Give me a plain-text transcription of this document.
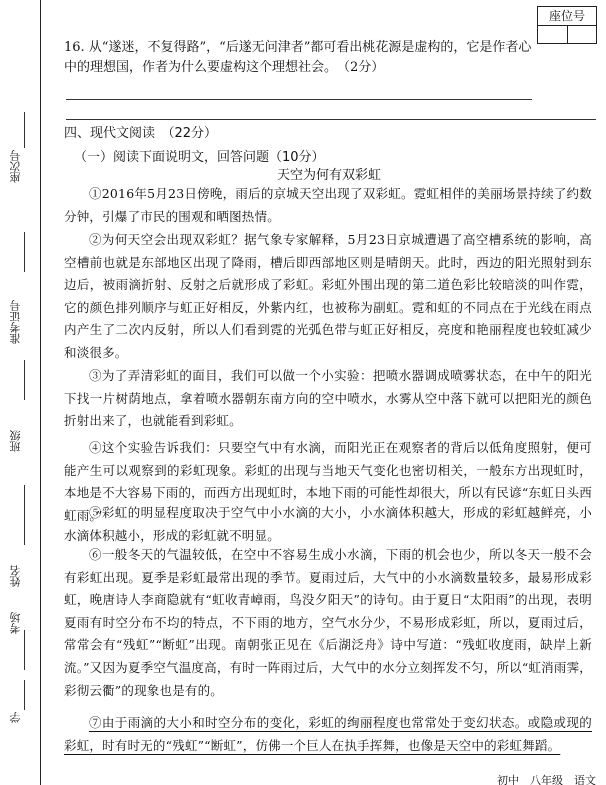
座次号
准考证号
班级
姓名
考场
学
座位号
16. 从“遂迷，不复得路”，“后遂无问津者”都可看出桃花源是虚构的，它是作者心中的理想国，作者为什么要虚构这个理想社会。　（2分）
四、现代文阅读　（22分）
（一）阅读下面说明文，回答问题（10分）
天空为何有双彩虹

①2016年5月23日傍晚，雨后的京城天空出现了双彩虹。霓虹相伴的美丽场景持续了约数分钟，引爆了市民的围观和晒图热情。

②为何天空会出现双彩虹？据气象专家解释，5月23日京城遭遇了高空槽系统的影响，高空槽前也就是东部地区出现了降雨，槽后即西部地区则是晴朗天。此时，西边的阳光照射到东边后，被雨滴折射、反射之后就形成了彩虹。彩虹外围出现的第二道色彩比较暗淡的叫作霓，它的颜色排列顺序与虹正好相反，外紫内红，也被称为副虹。霓和虹的不同点在于光线在雨点内产生了二次内反射，所以人们看到霓的光弧色带与虹正好相反，亮度和艳丽程度也较虹减少和淡很多。

③为了弄清彩虹的面目，我们可以做一个小实验：把喷水器调成喷雾状态，在中午的阳光下找一片树荫地点，拿着喷水器朝东南方向的空中喷水，水雾从空中落下就可以把阳光的颜色折射出来了，也就能看到彩虹。

④这个实验告诉我们：只要空气中有水滴，而阳光正在观察者的背后以低角度照射，便可能产生可以观察到的彩虹现象。彩虹的出现与当地天气变化也密切相关，一般东方出现虹时，本地是不大容易下雨的，而西方出现虹时，本地下雨的可能性却很大，所以有民谚“东虹日头西虹雨。”

⑤彩虹的明显程度取决于空气中小水滴的大小，小水滴体积越大，形成的彩虹越鲜亮，小水滴体积越小，形成的彩虹就不明显。

⑥一般冬天的气温较低，在空中不容易生成小水滴，下雨的机会也少，所以冬天一般不会有彩虹出现。夏季是彩虹最常出现的季节。夏雨过后，大气中的小水滴数量较多，最易形成彩虹，晚唐诗人李商隐就有“虹收青嶂雨，鸟没夕阳天”的诗句。由于夏日“太阳雨”的出现，表明夏雨有时空分布不均的特点，不下雨的地方，空气水分少，不易形成彩虹，所以，夏雨过后，常常会有“残虹”“断虹”出现。南朝张正见在《后湖泛舟》诗中写道：“残虹收度雨，缺岸上新流。”又因为夏季空气温度高，有时一阵雨过后，大气中的水分立刻挥发不匀，所以“虹消雨霁，彩彻云衢”的现象也是有的。

⑦由于雨滴的大小和时空分布的变化，彩虹的绚丽程度也常常处于变幻状态。或隐或现的彩虹，时有时无的“残虹”“断虹”，仿佛一个巨人在执手挥舞，也像是天空中的彩虹舞蹈。

初中　八年级　语文
